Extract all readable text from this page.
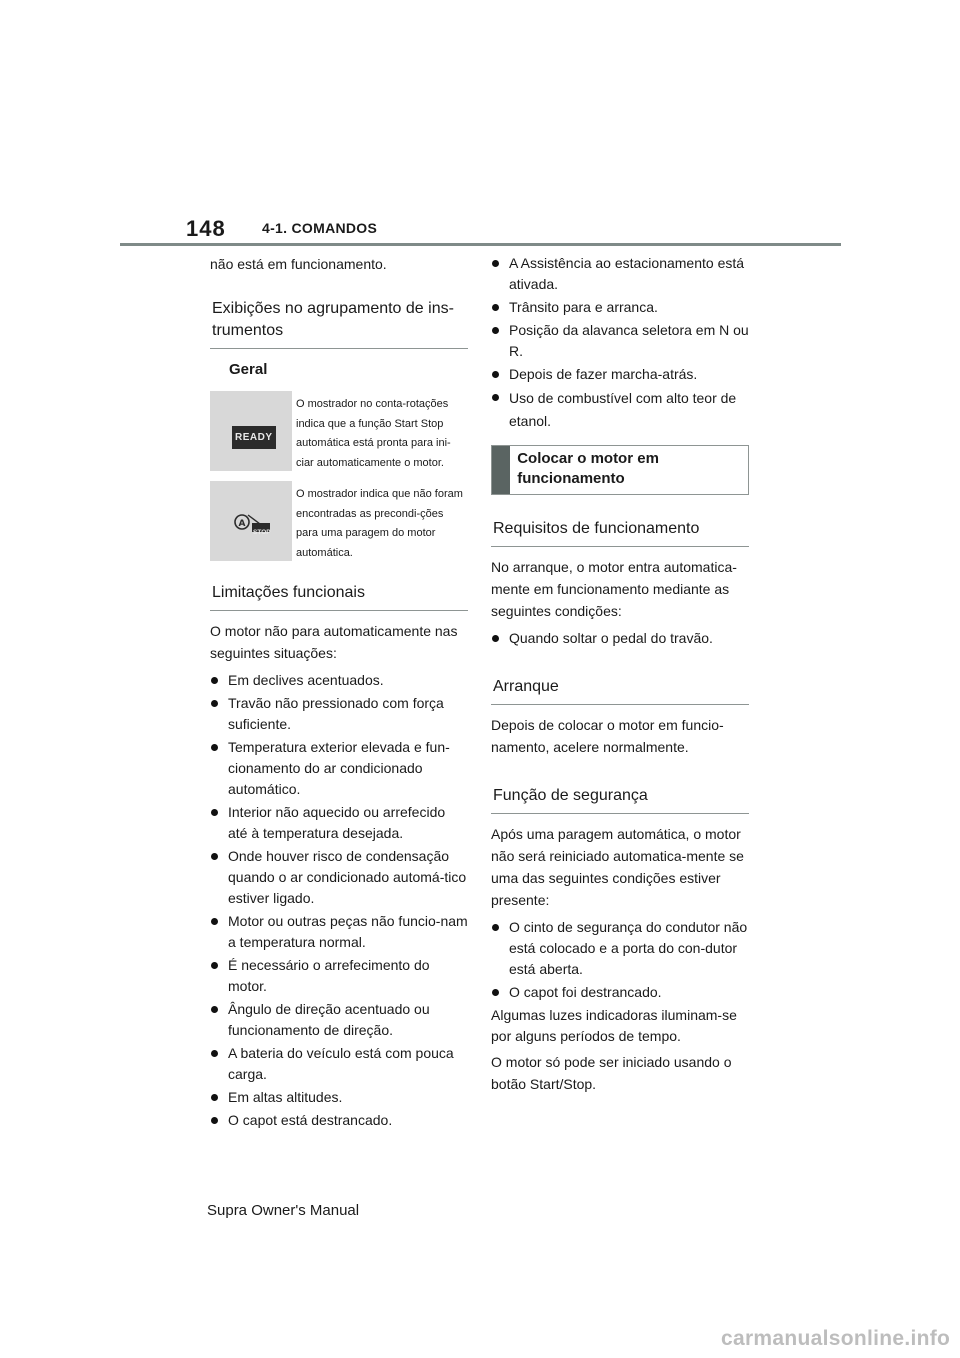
148	4-1. COMANDOS

não está em funcionamento.

Exibições no agrupamento de ins-trumentos
Geral
READY
O mostrador no conta-rotações indica que a função Start Stop automática está pronta para ini-ciar automaticamente o motor.
A
STOP
O mostrador indica que não foram encontradas as precondi-ções para uma paragem do motor automática.
Limitações funcionais

O motor não para automaticamente nas seguintes situações:

Em declives acentuados.

Travão não pressionado com força suficiente.

Temperatura exterior elevada e fun-cionamento do ar condicionado automático.

Interior não aquecido ou arrefecido até à temperatura desejada.

Onde houver risco de condensação quando o ar condicionado automá-tico estiver ligado.

Motor ou outras peças não funcio-nam a temperatura normal.

É necessário o arrefecimento do motor.

Ângulo de direção acentuado ou funcionamento de direção.

A bateria do veículo está com pouca carga.

Em altas altitudes.

O capot está destrancado.

A Assistência ao estacionamento está ativada.

Trânsito para e arranca.

Posição da alavanca seletora em N ou R.

Depois de fazer marcha-atrás.

Uso de combustível com alto teor de etanol.

Colocar o motor em funcionamento
Requisitos de funcionamento

No arranque, o motor entra automatica-mente em funcionamento mediante as seguintes condições:

Quando soltar o pedal do travão.

Arranque

Depois de colocar o motor em funcio-namento, acelere normalmente.

Função de segurança

Após uma paragem automática, o motor não será reiniciado automatica-mente se uma das seguintes condições estiver presente:

O cinto de segurança do condutor não está colocado e a porta do con-dutor está aberta.

O capot foi destrancado.

Algumas luzes indicadoras iluminam-se por alguns períodos de tempo.

O motor só pode ser iniciado usando o botão Start/Stop.

Supra Owner's Manual
carmanualsonline.info
